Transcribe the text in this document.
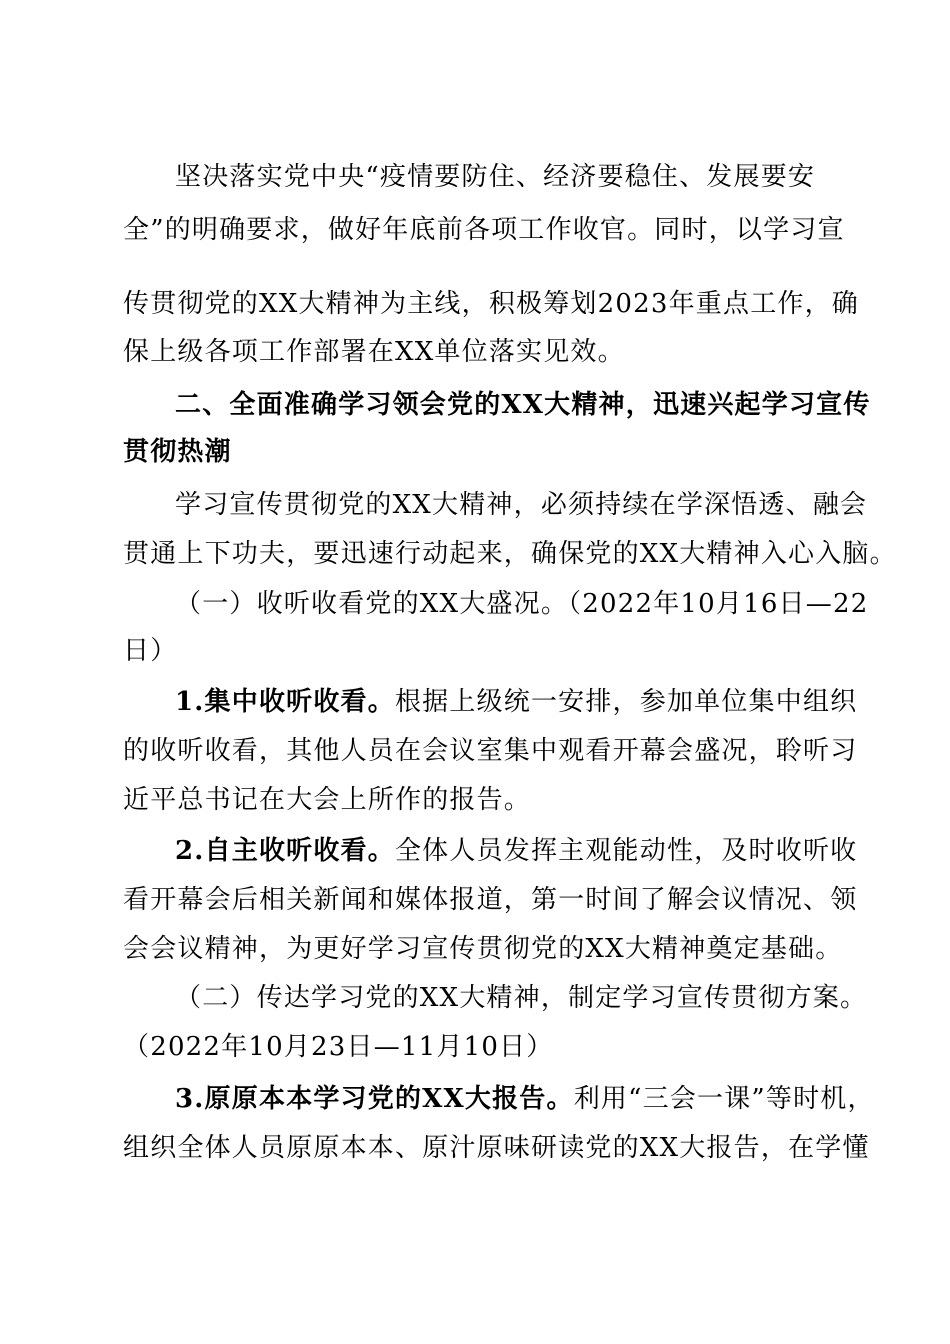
坚决落实党中央“疫情要防住、经济要稳住、发展要安
全”的明确要求，做好年底前各项工作收官。同时，以学习宣
传贯彻党的XX大精神为主线，积极筹划2023年重点工作，确
保上级各项工作部署在XX单位落实见效。
二、全面准确学习领会党的XX大精神，迅速兴起学习宣传
贯彻热潮
学习宣传贯彻党的XX大精神，必须持续在学深悟透、融会
贯通上下功夫，要迅速行动起来，确保党的XX大精神入心入脑。
（一）收听收看党的XX大盛况。（2022年10月16日—22
日）
1.集中收听收看。根据上级统一安排，参加单位集中组织
的收听收看，其他人员在会议室集中观看开幕会盛况，聆听习
近平总书记在大会上所作的报告。
2.自主收听收看。全体人员发挥主观能动性，及时收听收
看开幕会后相关新闻和媒体报道，第一时间了解会议情况、领
会会议精神，为更好学习宣传贯彻党的XX大精神奠定基础。
（二）传达学习党的XX大精神，制定学习宣传贯彻方案。
（2022年10月23日—11月10日）
3.原原本本学习党的XX大报告。利用“三会一课”等时机，
组织全体人员原原本本、原汁原味研读党的XX大报告，在学懂
